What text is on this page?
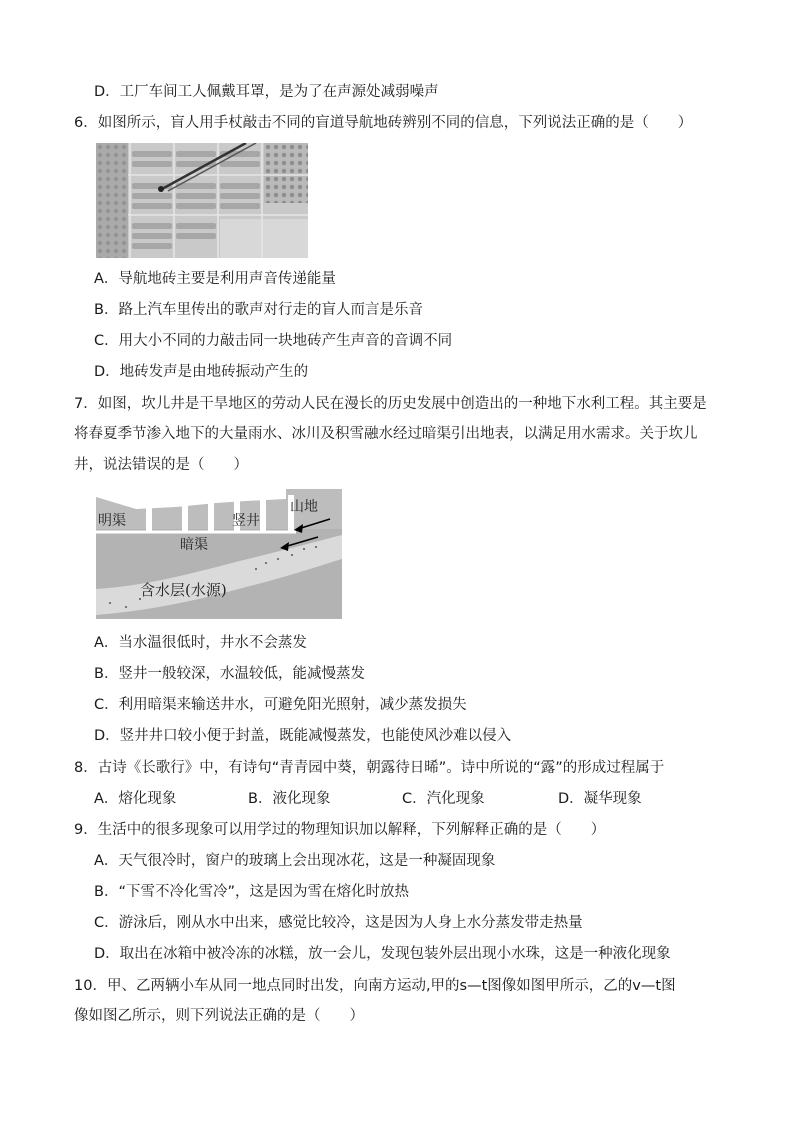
D．工厂车间工人佩戴耳罩，是为了在声源处减弱噪声
6．如图所示，盲人用手杖敲击不同的盲道导航地砖辨别不同的信息，下列说法正确的是（　　）
A．导航地砖主要是利用声音传递能量
B．路上汽车里传出的歌声对行走的盲人而言是乐音
C．用大小不同的力敲击同一块地砖产生声音的音调不同
D．地砖发声是由地砖振动产生的
7．如图，坎儿井是干旱地区的劳动人民在漫长的历史发展中创造出的一种地下水利工程。其主要是
将春夏季节渗入地下的大量雨水、冰川及积雪融水经过暗渠引出地表，以满足用水需求。关于坎儿
井，说法错误的是（　　）
明渠	竖井
山地
暗渠
含水层(水源)
A．当水温很低时，井水不会蒸发
B．竖井一般较深，水温较低，能减慢蒸发
C．利用暗渠来输送井水，可避免阳光照射，减少蒸发损失
D．竖井井口较小便于封盖，既能减慢蒸发，也能使风沙难以侵入
8．古诗《长歌行》中，有诗句“青青园中葵，朝露待日晞”。诗中所说的“露”的形成过程属于
A．熔化现象	B．液化现象	C．汽化现象	D．凝华现象
9．生活中的很多现象可以用学过的物理知识加以解释，下列解释正确的是（　　）
A．天气很冷时，窗户的玻璃上会出现冰花，这是一种凝固现象
B．“下雪不冷化雪冷”，这是因为雪在熔化时放热
C．游泳后，刚从水中出来，感觉比较冷，这是因为人身上水分蒸发带走热量
D．取出在冰箱中被冷冻的冰糕，放一会儿，发现包装外层出现小水珠，这是一种液化现象
10．甲、乙两辆小车从同一地点同时出发，向南方运动,甲的s—t图像如图甲所示，乙的v—t图
像如图乙所示，则下列说法正确的是（　　）
